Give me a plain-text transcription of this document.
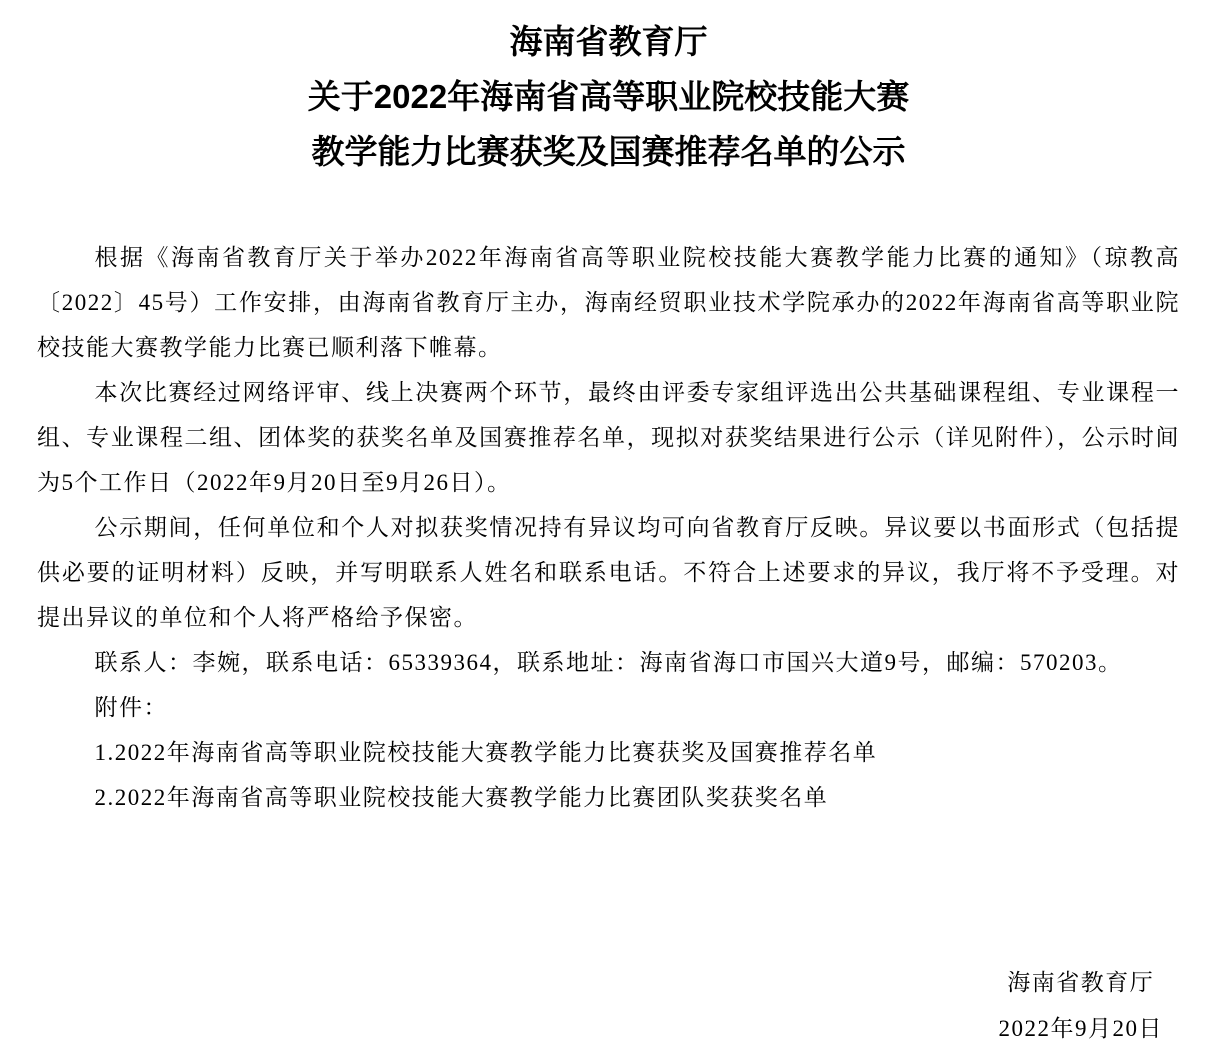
海南省教育厅
关于2022年海南省高等职业院校技能大赛
教学能力比赛获奖及国赛推荐名单的公示

根据《海南省教育厅关于举办2022年海南省高等职业院校技能大赛教学能力比赛的通知》（琼教高〔2022〕45号）工作安排，由海南省教育厅主办，海南经贸职业技术学院承办的2022年海南省高等职业院校技能大赛教学能力比赛已顺利落下帷幕。

本次比赛经过网络评审、线上决赛两个环节，最终由评委专家组评选出公共基础课程组、专业课程一组、专业课程二组、团体奖的获奖名单及国赛推荐名单，现拟对获奖结果进行公示（详见附件），公示时间为5个工作日（2022年9月20日至9月26日）。

公示期间，任何单位和个人对拟获奖情况持有异议均可向省教育厅反映。异议要以书面形式（包括提供必要的证明材料）反映，并写明联系人姓名和联系电话。不符合上述要求的异议，我厅将不予受理。对提出异议的单位和个人将严格给予保密。

联系人：李婉，联系电话：65339364，联系地址：海南省海口市国兴大道9号，邮编：570203。

附件：

1.2022年海南省高等职业院校技能大赛教学能力比赛获奖及国赛推荐名单

2.2022年海南省高等职业院校技能大赛教学能力比赛团队奖获奖名单

海南省教育厅
2022年9月20日
